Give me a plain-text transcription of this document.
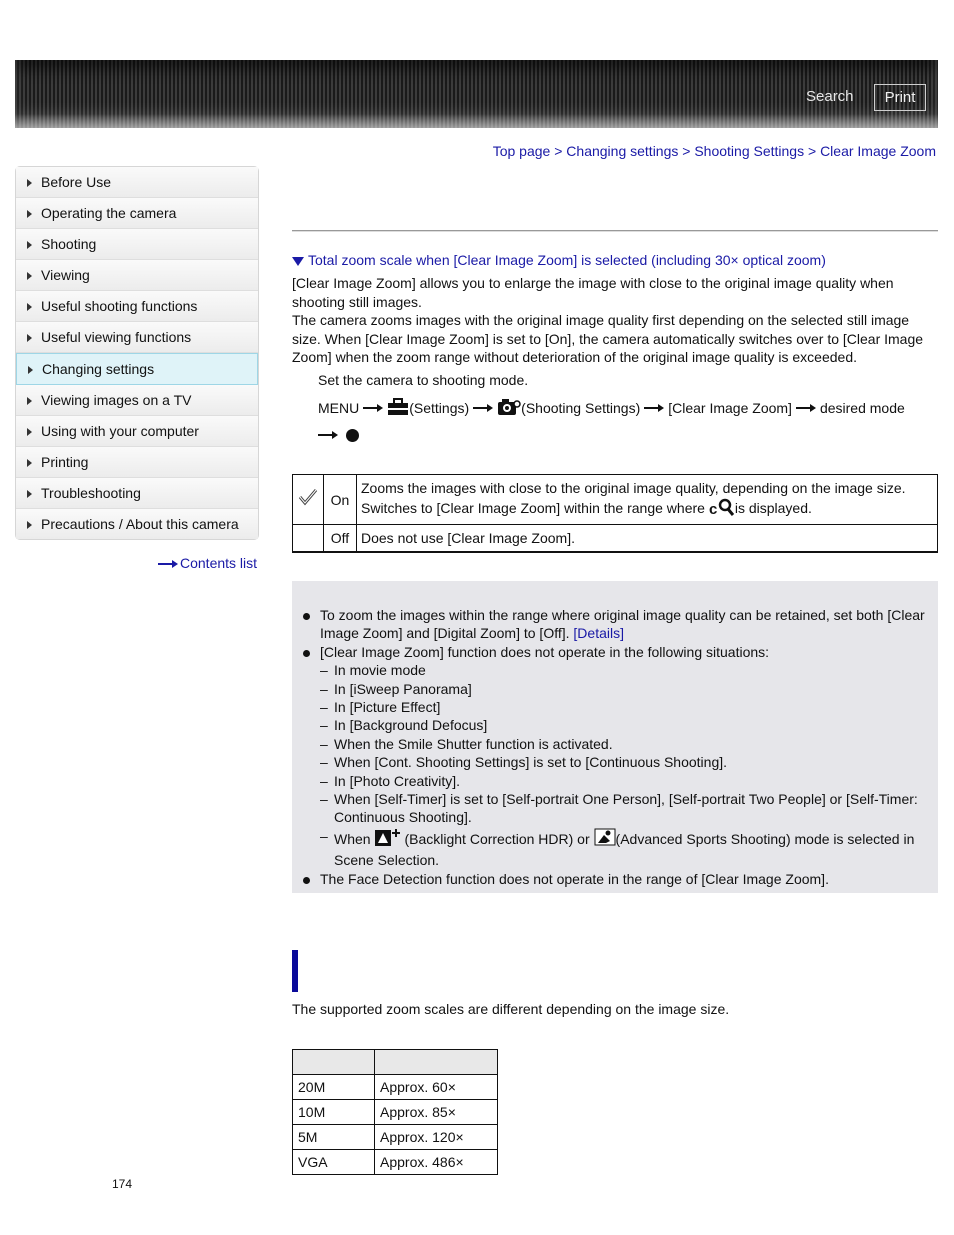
Search	Print
Top page > Changing settings > Shooting Settings > Clear Image Zoom
Before Use
Operating the camera
Shooting
Viewing
Useful shooting functions
Useful viewing functions
Changing settings
Viewing images on a TV
Using with your computer
Printing
Troubleshooting
Precautions / About this camera
Contents list
Total zoom scale when [Clear Image Zoom] is selected (including 30× optical zoom)
[Clear Image Zoom] allows you to enlarge the image with close to the original image quality when shooting still images.
The camera zooms images with the original image quality first depending on the selected still image size. When [Clear Image Zoom] is set to [On], the camera automatically switches over to [Clear Image Zoom] when the zoom range without deterioration of the original image quality is exceeded.
Set the camera to shooting mode.
MENU	(Settings)	(Shooting Settings) [Clear Image Zoom] desired mode

	On	Zooms the images with close to the original image quality, depending on the image size.
Switches to [Clear Image Zoom] within the range where c is displayed.
	Off	Does not use [Clear Image Zoom].
To zoom the images within the range where original image quality can be retained, set both [Clear Image Zoom] and [Digital Zoom] to [Off]. [Details]
[Clear Image Zoom] function does not operate in the following situations:
– In movie mode
– In [iSweep Panorama]
– In [Picture Effect]
– In [Background Defocus]
– When the Smile Shutter function is activated.
– When [Cont. Shooting Settings] is set to [Continuous Shooting].
– In [Photo Creativity].
– When [Self-Timer] is set to [Self-portrait One Person], [Self-portrait Two People] or [Self-Timer: Continuous Shooting].
– When (Backlight Correction HDR) or (Advanced Sports Shooting) mode is selected in Scene Selection.
The Face Detection function does not operate in the range of [Clear Image Zoom].
The supported zoom scales are different depending on the image size.

20M	Approx. 60×
10M	Approx. 85×
5M	Approx. 120×
VGA	Approx. 486×
174
